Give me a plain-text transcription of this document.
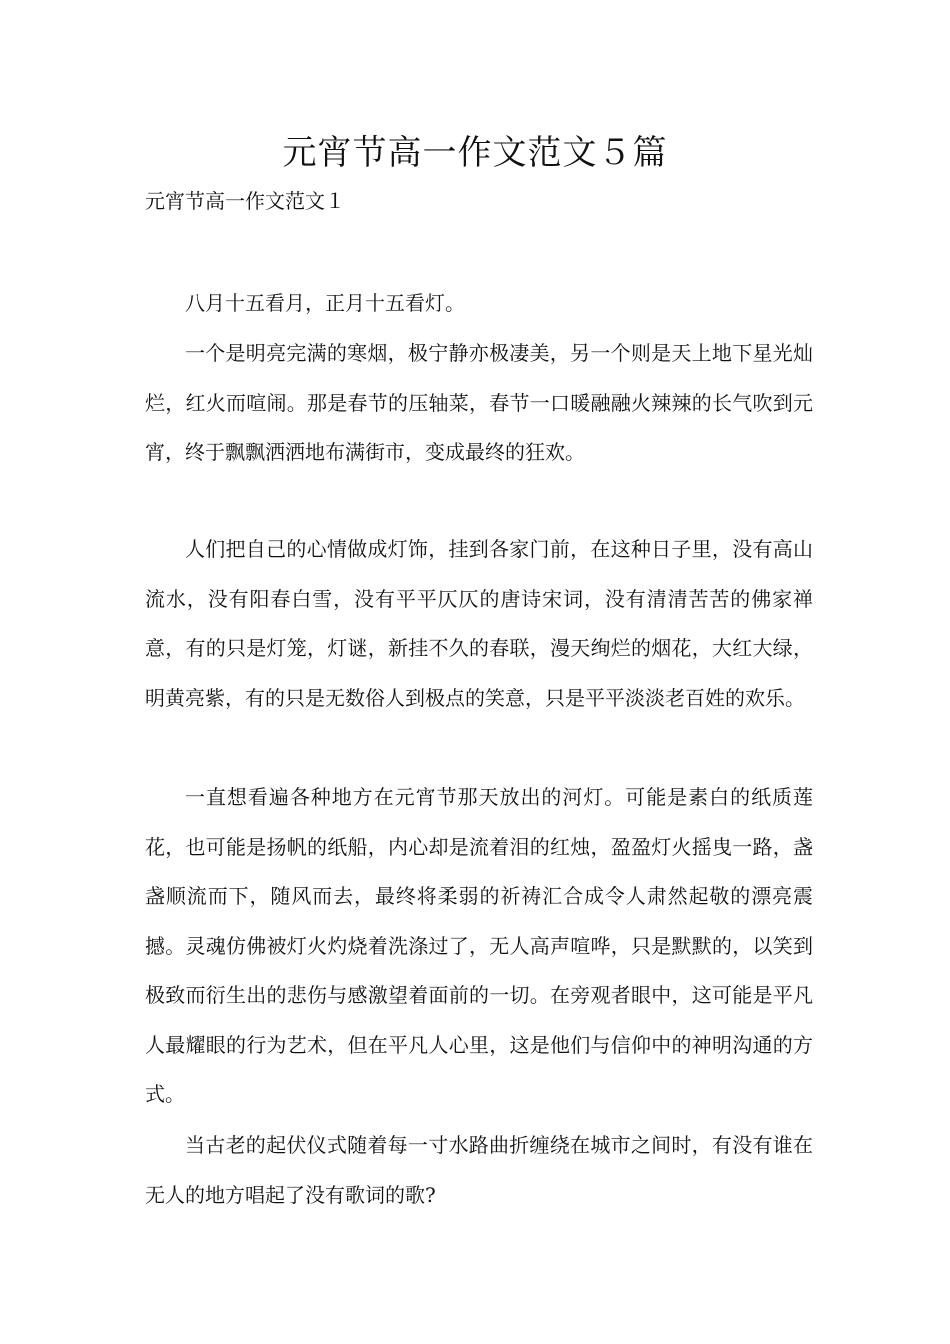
元宵节高一作文范文５篇

元宵节高一作文范文１

八月十五看月，正月十五看灯。

一个是明亮完满的寒烟，极宁静亦极凄美，另一个则是天上地下星光灿烂，红火而喧闹。那是春节的压轴菜，春节一口暖融融火辣辣的长气吹到元宵，终于飘飘洒洒地布满街市，变成最终的狂欢。

人们把自己的心情做成灯饰，挂到各家门前，在这种日子里，没有高山流水，没有阳春白雪，没有平平仄仄的唐诗宋词，没有清清苦苦的佛家禅意，有的只是灯笼，灯谜，新挂不久的春联，漫天绚烂的烟花，大红大绿，明黄亮紫，有的只是无数俗人到极点的笑意，只是平平淡淡老百姓的欢乐。

一直想看遍各种地方在元宵节那天放出的河灯。可能是素白的纸质莲花，也可能是扬帆的纸船，内心却是流着泪的红烛，盈盈灯火摇曳一路，盏盏顺流而下，随风而去，最终将柔弱的祈祷汇合成令人肃然起敬的漂亮震撼。灵魂仿佛被灯火灼烧着洗涤过了，无人高声喧哗，只是默默的，以笑到极致而衍生出的悲伤与感激望着面前的一切。在旁观者眼中，这可能是平凡人最耀眼的行为艺术，但在平凡人心里，这是他们与信仰中的神明沟通的方式。

当古老的起伏仪式随着每一寸水路曲折缠绕在城市之间时，有没有谁在无人的地方唱起了没有歌词的歌?
